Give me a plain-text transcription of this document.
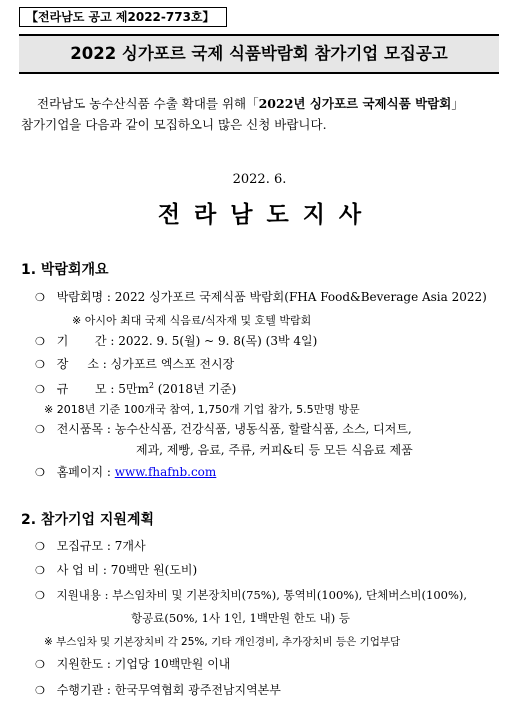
【전라남도 공고 제2022-773호】
2022 싱가포르 국제 식품박람회 참가기업 모집공고
전라남도 농수산식품 수출 확대를 위해「2022년 싱가포르 국제식품 박람회」
참가기업을 다음과 같이 모집하오니 많은 신청 바랍니다.
2022. 6.
전라남도지사
1. 박람회개요
❍ 박람회명 : 2022 싱가포르 국제식품 박람회(FHA Food&Beverage Asia 2022)
※ 아시아 최대 국제 식음료/식자재 및 호텔 박람회
❍ 기       간 : 2022. 9. 5(월) ~ 9. 8(목) (3박 4일)
❍ 장     소 : 싱가포르 엑스포 전시장
❍ 규       모 : 5만$m^2$ (2018년 기준)
※ 2018년 기준 100개국 참여, 1,750개 기업 참가, 5.5만명 방문
❍ 전시품목 : 농수산식품, 건강식품, 냉동식품, 할랄식품, 소스, 디저트,
제과, 제빵, 음료, 주류, 커피&티 등 모든 식음료 제품
❍ 홈페이지 : www.fhafnb.com
2. 참가기업 지원계획
❍ 모집규모 : 7개사
❍ 사 업 비 : 70백만 원(도비)
❍ 지원내용 : 부스임차비 및 기본장치비(75%), 통역비(100%), 단체버스비(100%),
항공료(50%, 1사 1인, 1백만원 한도 내) 등
※ 부스임차 및 기본장치비 각 25%, 기타 개인경비, 추가장치비 등은 기업부담
❍ 지원한도 : 기업당 10백만원 이내
❍ 수행기관 : 한국무역협회 광주전남지역본부
